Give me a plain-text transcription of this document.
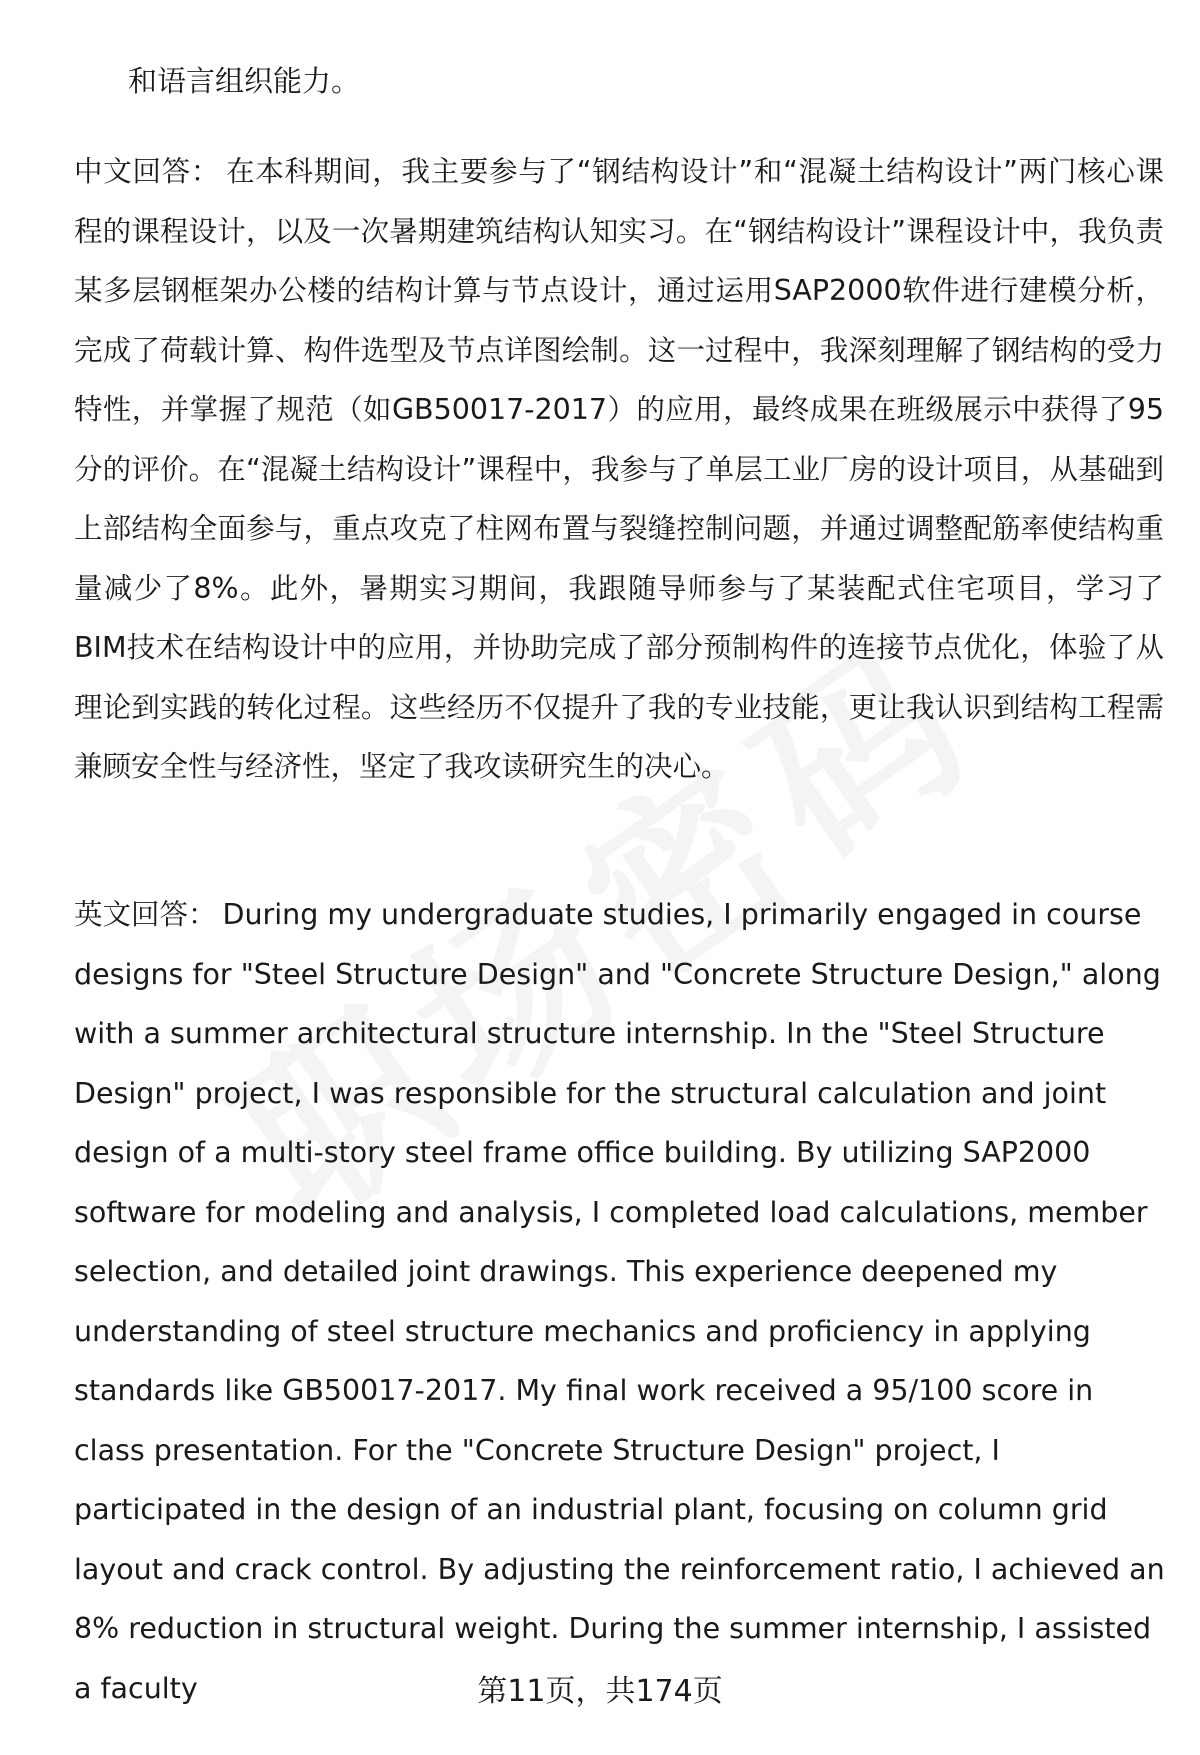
和语言组织能力。
中文回答： 在本科期间，我主要参与了“钢结构设计”和“混凝土结构设计”两门核心课程的课程设计，以及一次暑期建筑结构认知实习。在“钢结构设计”课程设计中，我负责某多层钢框架办公楼的结构计算与节点设计，通过运用SAP2000软件进行建模分析，完成了荷载计算、构件选型及节点详图绘制。这一过程中，我深刻理解了钢结构的受力特性，并掌握了规范（如GB50017-2017）的应用，最终成果在班级展示中获得了95分的评价。在“混凝土结构设计”课程中，我参与了单层工业厂房的设计项目，从基础到上部结构全面参与，重点攻克了柱网布置与裂缝控制问题，并通过调整配筋率使结构重量减少了8%。此外，暑期实习期间，我跟随导师参与了某装配式住宅项目，学习了BIM技术在结构设计中的应用，并协助完成了部分预制构件的连接节点优化，体验了从理论到实践的转化过程。这些经历不仅提升了我的专业技能，更让我认识到结构工程需兼顾安全性与经济性，坚定了我攻读研究生的决心。
英文回答： During my undergraduate studies, I primarily engaged in course designs for "Steel Structure Design" and "Concrete Structure Design," along with a summer architectural structure internship. In the "Steel Structure Design" project, I was responsible for the structural calculation and joint design of a multi-story steel frame office building. By utilizing SAP2000 software for modeling and analysis, I completed load calculations, member selection, and detailed joint drawings. This experience deepened my understanding of steel structure mechanics and proficiency in applying standards like GB50017-2017. My final work received a 95/100 score in class presentation. For the "Concrete Structure Design" project, I participated in the design of an industrial plant, focusing on column grid layout and crack control. By adjusting the reinforcement ratio, I achieved an 8% reduction in structural weight. During the summer internship, I assisted a faculty	第11页，共174页
